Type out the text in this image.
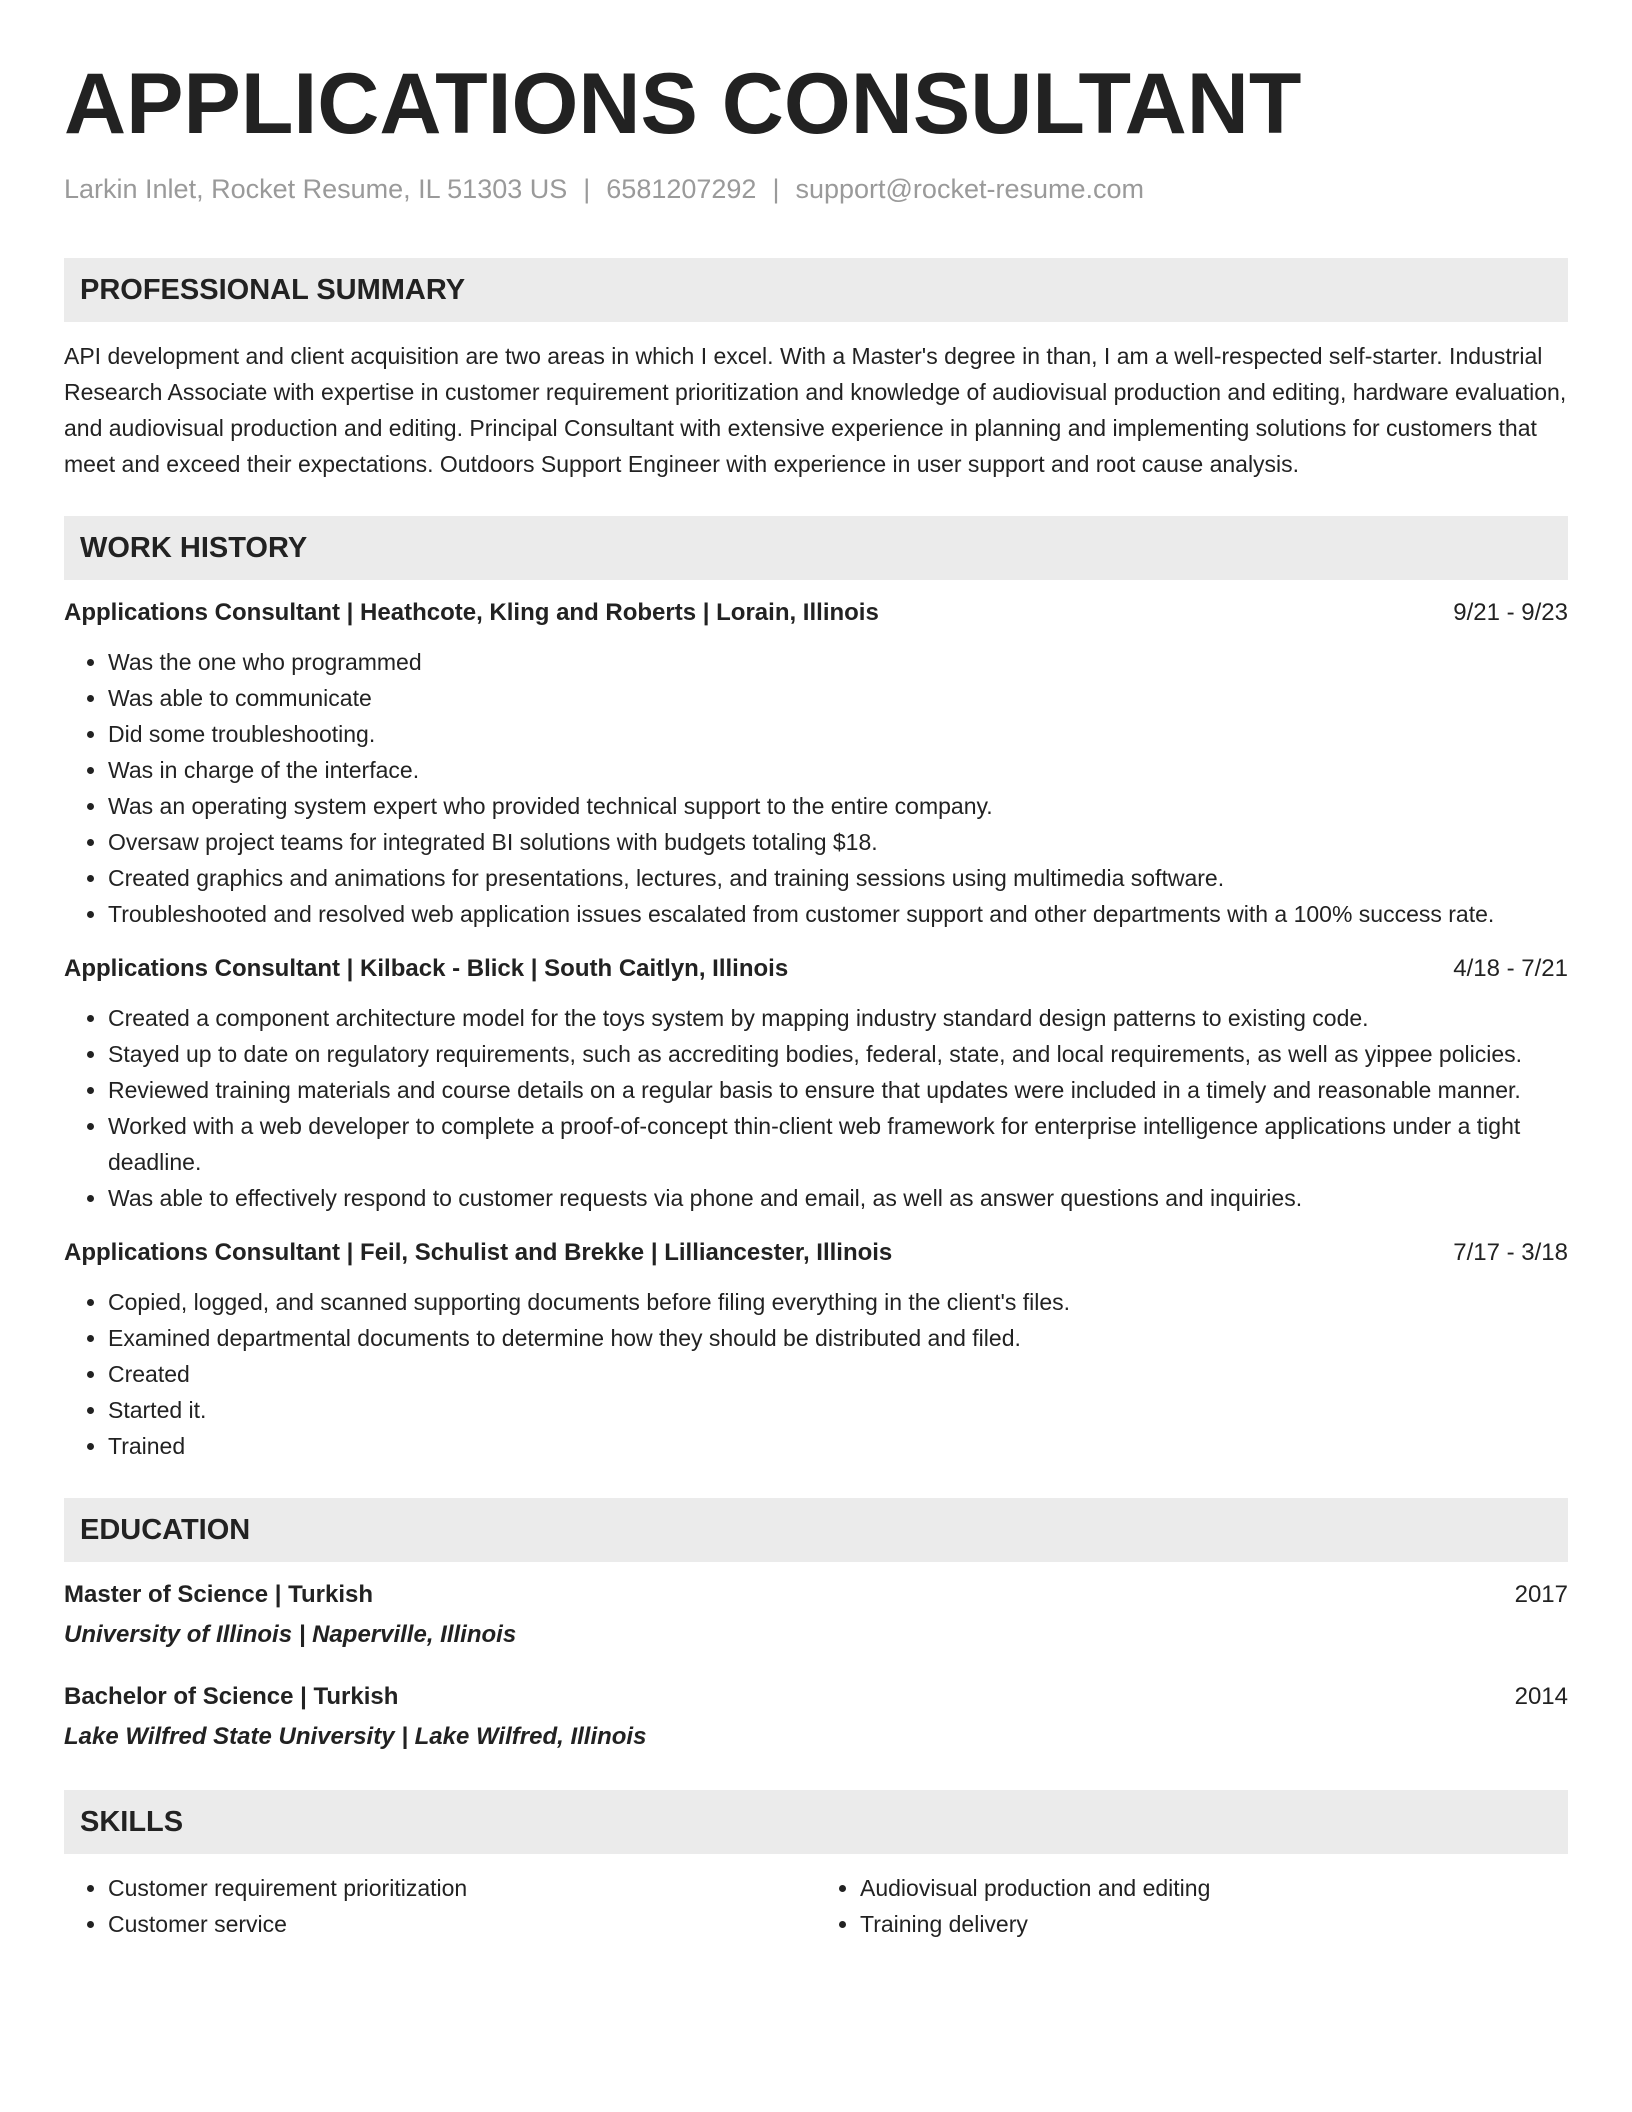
APPLICATIONS CONSULTANT
Larkin Inlet, Rocket Resume, IL 51303 US | 6581207292 | support@rocket-resume.com
PROFESSIONAL SUMMARY
API development and client acquisition are two areas in which I excel. With a Master's degree in than, I am a well-respected self-starter. Industrial Research Associate with expertise in customer requirement prioritization and knowledge of audiovisual production and editing, hardware evaluation, and audiovisual production and editing. Principal Consultant with extensive experience in planning and implementing solutions for customers that meet and exceed their expectations. Outdoors Support Engineer with experience in user support and root cause analysis.
WORK HISTORY
Applications Consultant | Heathcote, Kling and Roberts | Lorain, Illinois	9/21 - 9/23
• Was the one who programmed
• Was able to communicate
• Did some troubleshooting.
• Was in charge of the interface.
• Was an operating system expert who provided technical support to the entire company.
• Oversaw project teams for integrated BI solutions with budgets totaling $18.
• Created graphics and animations for presentations, lectures, and training sessions using multimedia software.
• Troubleshooted and resolved web application issues escalated from customer support and other departments with a 100% success rate.
Applications Consultant | Kilback - Blick | South Caitlyn, Illinois	4/18 - 7/21
• Created a component architecture model for the toys system by mapping industry standard design patterns to existing code.
• Stayed up to date on regulatory requirements, such as accrediting bodies, federal, state, and local requirements, as well as yippee policies.
• Reviewed training materials and course details on a regular basis to ensure that updates were included in a timely and reasonable manner.
• Worked with a web developer to complete a proof-of-concept thin-client web framework for enterprise intelligence applications under a tight deadline.
• Was able to effectively respond to customer requests via phone and email, as well as answer questions and inquiries.
Applications Consultant | Feil, Schulist and Brekke | Lilliancester, Illinois	7/17 - 3/18
• Copied, logged, and scanned supporting documents before filing everything in the client's files.
• Examined departmental documents to determine how they should be distributed and filed.
• Created
• Started it.
• Trained
EDUCATION
Master of Science | Turkish	2017
University of Illinois | Naperville, Illinois
Bachelor of Science | Turkish	2014
Lake Wilfred State University | Lake Wilfred, Illinois
SKILLS
• Customer requirement prioritization
• Customer service
• Audiovisual production and editing
• Training delivery
